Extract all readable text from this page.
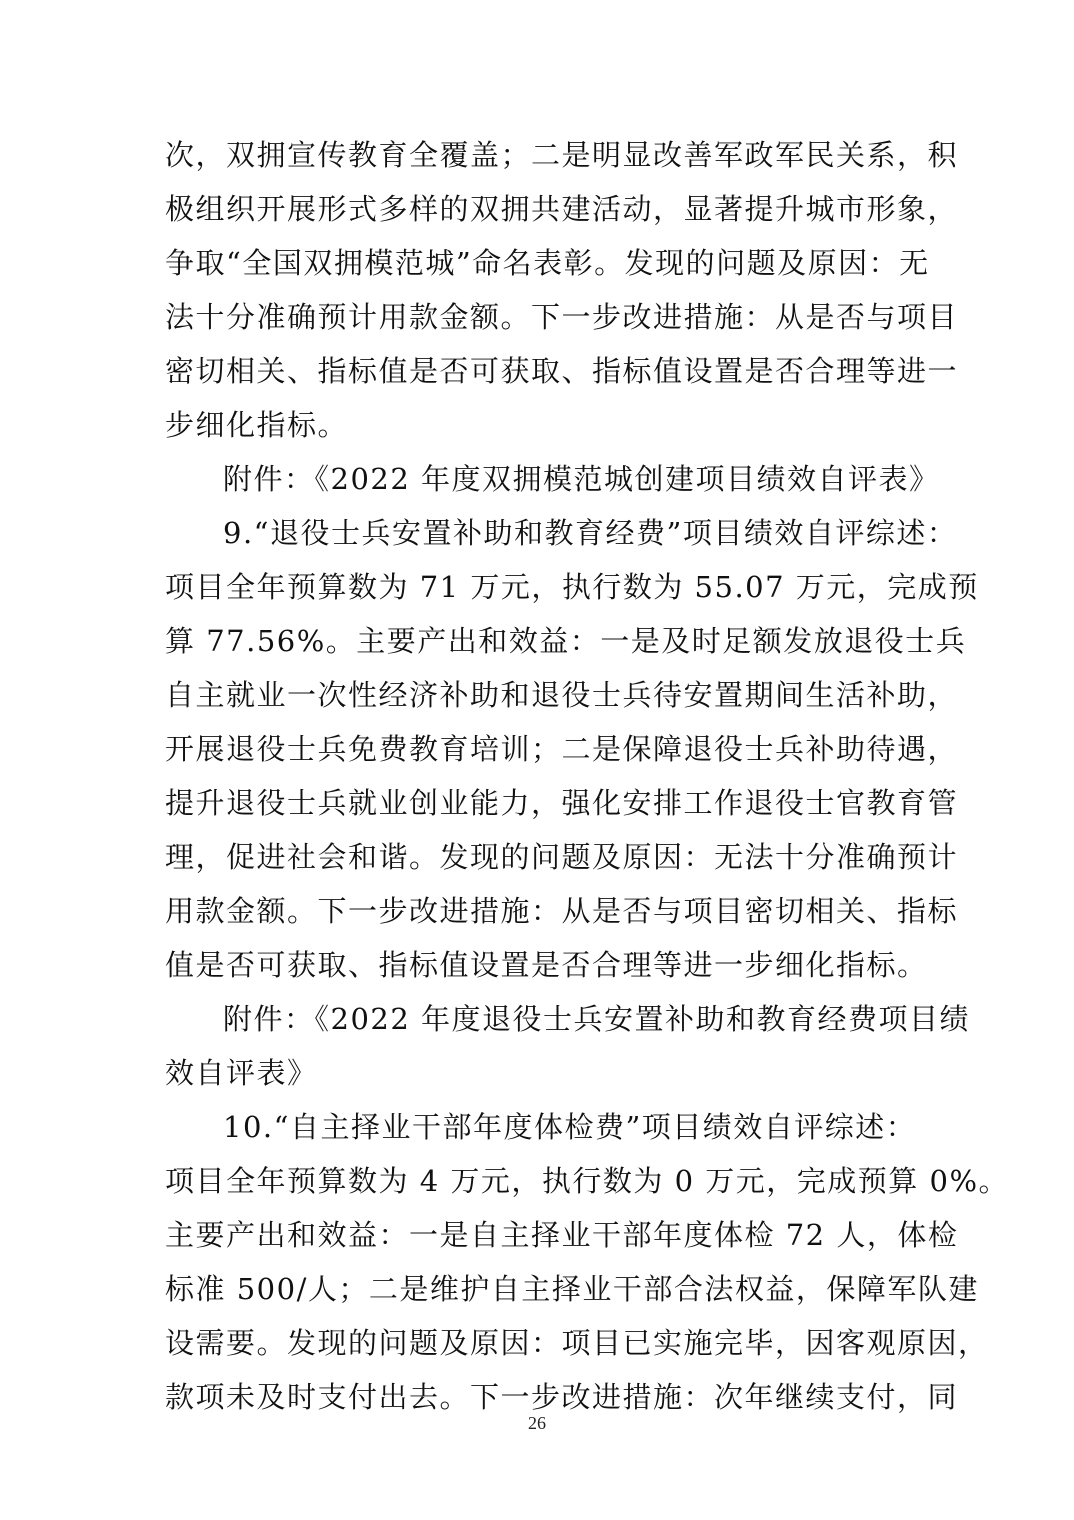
次，双拥宣传教育全覆盖；二是明显改善军政军民关系，积
极组织开展形式多样的双拥共建活动，显著提升城市形象，
争取“全国双拥模范城”命名表彰。发现的问题及原因：无
法十分准确预计用款金额。下一步改进措施：从是否与项目
密切相关、指标值是否可获取、指标值设置是否合理等进一
步细化指标。
附件：《2022 年度双拥模范城创建项目绩效自评表》
9.“退役士兵安置补助和教育经费”项目绩效自评综述：
项目全年预算数为 71 万元，执行数为 55.07 万元，完成预
算 77.56%。主要产出和效益：一是及时足额发放退役士兵
自主就业一次性经济补助和退役士兵待安置期间生活补助，
开展退役士兵免费教育培训；二是保障退役士兵补助待遇，
提升退役士兵就业创业能力，强化安排工作退役士官教育管
理，促进社会和谐。发现的问题及原因：无法十分准确预计
用款金额。下一步改进措施：从是否与项目密切相关、指标
值是否可获取、指标值设置是否合理等进一步细化指标。
附件：《2022 年度退役士兵安置补助和教育经费项目绩
效自评表》
10.“自主择业干部年度体检费”项目绩效自评综述：
项目全年预算数为 4 万元，执行数为 0 万元，完成预算 0%。
主要产出和效益：一是自主择业干部年度体检 72 人，体检
标准 500/人；二是维护自主择业干部合法权益，保障军队建
设需要。发现的问题及原因：项目已实施完毕，因客观原因，
款项未及时支付出去。下一步改进措施：次年继续支付，同
26
